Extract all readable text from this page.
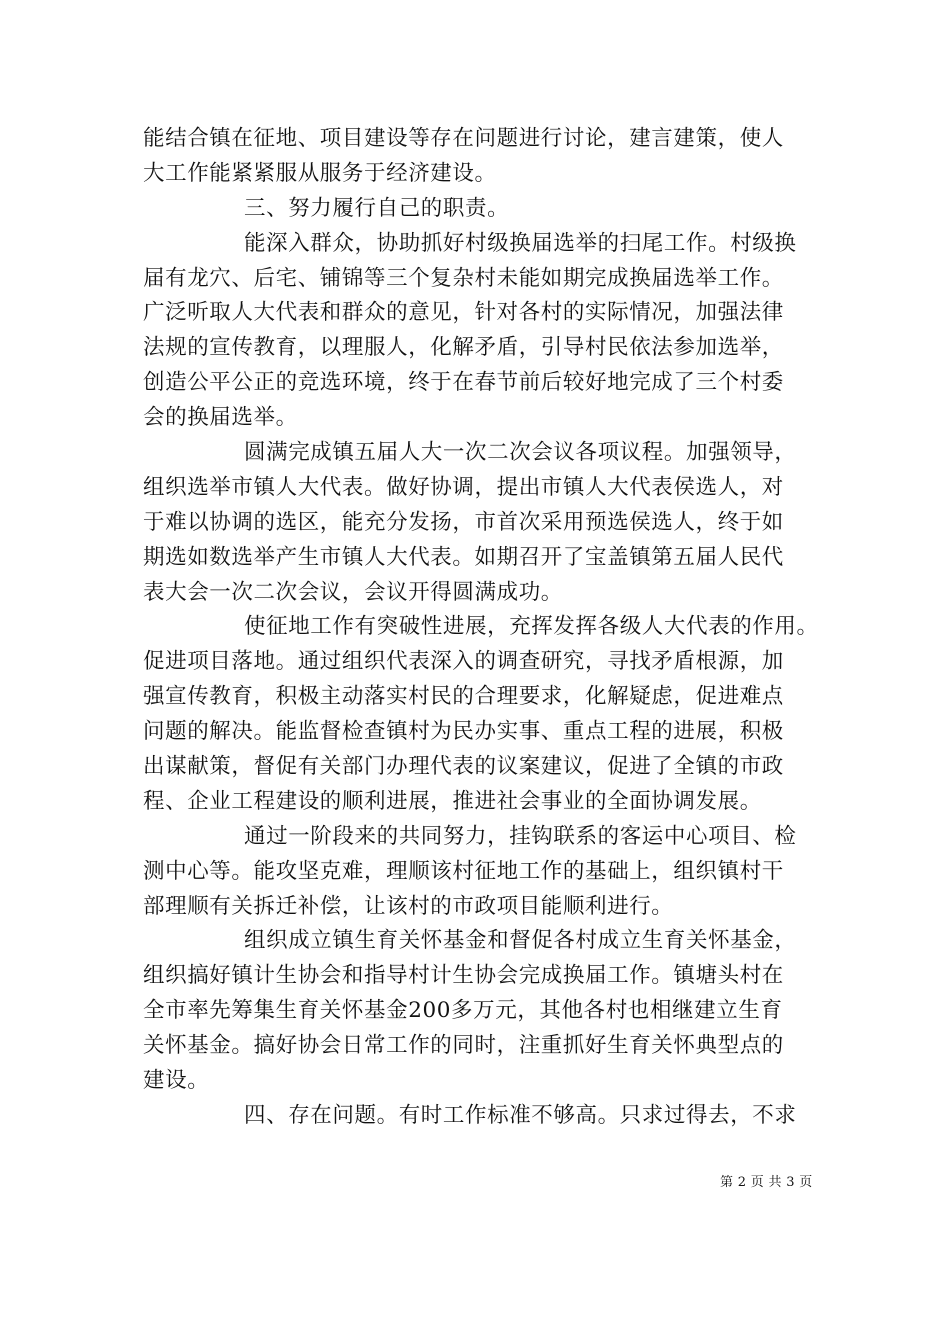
能结合镇在征地、项目建设等存在问题进行讨论，建言建策，使人
大工作能紧紧服从服务于经济建设。
三、努力履行自己的职责。
能深入群众，协助抓好村级换届选举的扫尾工作。村级换
届有龙穴、后宅、铺锦等三个复杂村未能如期完成换届选举工作。
广泛听取人大代表和群众的意见，针对各村的实际情况，加强法律
法规的宣传教育，以理服人，化解矛盾，引导村民依法参加选举，
创造公平公正的竞选环境，终于在春节前后较好地完成了三个村委
会的换届选举。
圆满完成镇五届人大一次二次会议各项议程。加强领导，
组织选举市镇人大代表。做好协调，提出市镇人大代表侯选人，对
于难以协调的选区，能充分发扬，市首次采用预选侯选人，终于如
期选如数选举产生市镇人大代表。如期召开了宝盖镇第五届人民代
表大会一次二次会议，会议开得圆满成功。
使征地工作有突破性进展，充挥发挥各级人大代表的作用。
促进项目落地。通过组织代表深入的调查研究，寻找矛盾根源，加
强宣传教育，积极主动落实村民的合理要求，化解疑虑，促进难点
问题的解决。能监督检查镇村为民办实事、重点工程的进展，积极
出谋献策，督促有关部门办理代表的议案建议，促进了全镇的市政
程、企业工程建设的顺利进展，推进社会事业的全面协调发展。
通过一阶段来的共同努力，挂钩联系的客运中心项目、检
测中心等。能攻坚克难，理顺该村征地工作的基础上，组织镇村干
部理顺有关拆迁补偿，让该村的市政项目能顺利进行。
组织成立镇生育关怀基金和督促各村成立生育关怀基金，
组织搞好镇计生协会和指导村计生协会完成换届工作。镇塘头村在
全市率先筹集生育关怀基金200多万元，其他各村也相继建立生育
关怀基金。搞好协会日常工作的同时，注重抓好生育关怀典型点的
建设。
四、存在问题。有时工作标准不够高。只求过得去，不求
第 2 页 共 3 页
